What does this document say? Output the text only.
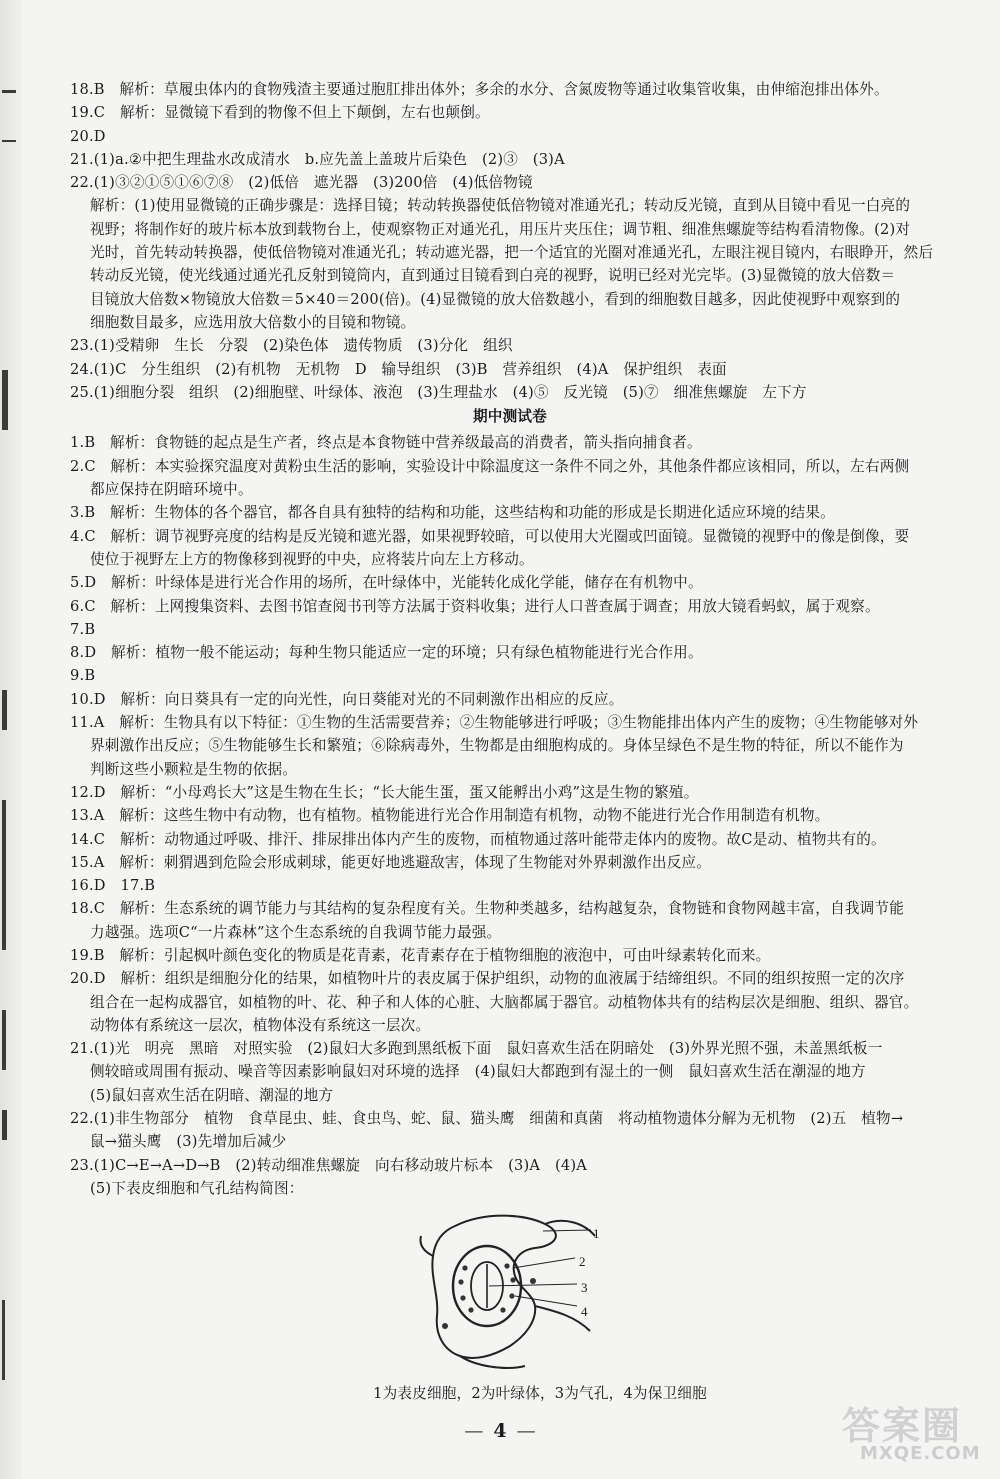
18.B　解析：草履虫体内的食物残渣主要通过胞肛排出体外；多余的水分、含氮废物等通过收集管收集，由伸缩泡排出体外。
19.C　解析：显微镜下看到的物像不但上下颠倒，左右也颠倒。
20.D
21.(1)a.②中把生理盐水改成清水　b.应先盖上盖玻片后染色　(2)③　(3)A
22.(1)③②①⑤①⑥⑦⑧　(2)低倍　遮光器　(3)200倍　(4)低倍物镜
解析：(1)使用显微镜的正确步骤是：选择目镜；转动转换器使低倍物镜对准通光孔；转动反光镜，直到从目镜中看见一白亮的
视野；将制作好的玻片标本放到载物台上，使观察物正对通光孔，用压片夹压住；调节粗、细准焦螺旋等结构看清物像。(2)对
光时，首先转动转换器，使低倍物镜对准通光孔；转动遮光器，把一个适宜的光圈对准通光孔，左眼注视目镜内，右眼睁开，然后
转动反光镜，使光线通过通光孔反射到镜筒内，直到通过目镜看到白亮的视野，说明已经对光完毕。(3)显微镜的放大倍数＝
目镜放大倍数×物镜放大倍数＝5×40＝200(倍)。(4)显微镜的放大倍数越小，看到的细胞数目越多，因此使视野中观察到的
细胞数目最多，应选用放大倍数小的目镜和物镜。
23.(1)受精卵　生长　分裂　(2)染色体　遗传物质　(3)分化　组织
24.(1)C　分生组织　(2)有机物　无机物　D　输导组织　(3)B　营养组织　(4)A　保护组织　表面
25.(1)细胞分裂　组织　(2)细胞壁、叶绿体、液泡　(3)生理盐水　(4)⑤　反光镜　(5)⑦　细准焦螺旋　左下方
期中测试卷
1.B　解析：食物链的起点是生产者，终点是本食物链中营养级最高的消费者，箭头指向捕食者。
2.C　解析：本实验探究温度对黄粉虫生活的影响，实验设计中除温度这一条件不同之外，其他条件都应该相同，所以，左右两侧
都应保持在阴暗环境中。
3.B　解析：生物体的各个器官，都各自具有独特的结构和功能，这些结构和功能的形成是长期进化适应环境的结果。
4.C　解析：调节视野亮度的结构是反光镜和遮光器，如果视野较暗，可以使用大光圈或凹面镜。显微镜的视野中的像是倒像，要
使位于视野左上方的物像移到视野的中央，应将装片向左上方移动。
5.D　解析：叶绿体是进行光合作用的场所，在叶绿体中，光能转化成化学能，储存在有机物中。
6.C　解析：上网搜集资料、去图书馆查阅书刊等方法属于资料收集；进行人口普查属于调查；用放大镜看蚂蚁，属于观察。
7.B
8.D　解析：植物一般不能运动；每种生物只能适应一定的环境；只有绿色植物能进行光合作用。
9.B
10.D　解析：向日葵具有一定的向光性，向日葵能对光的不同刺激作出相应的反应。
11.A　解析：生物具有以下特征：①生物的生活需要营养；②生物能够进行呼吸；③生物能排出体内产生的废物；④生物能够对外
界刺激作出反应；⑤生物能够生长和繁殖；⑥除病毒外，生物都是由细胞构成的。身体呈绿色不是生物的特征，所以不能作为
判断这些小颗粒是生物的依据。
12.D　解析：“小母鸡长大”这是生物在生长；“长大能生蛋，蛋又能孵出小鸡”这是生物的繁殖。
13.A　解析：这些生物中有动物，也有植物。植物能进行光合作用制造有机物，动物不能进行光合作用制造有机物。
14.C　解析：动物通过呼吸、排汗、排尿排出体内产生的废物，而植物通过落叶能带走体内的废物。故C是动、植物共有的。
15.A　解析：刺猬遇到危险会形成刺球，能更好地逃避敌害，体现了生物能对外界刺激作出反应。
16.D　17.B
18.C　解析：生态系统的调节能力与其结构的复杂程度有关。生物种类越多，结构越复杂，食物链和食物网越丰富，自我调节能
力越强。选项C“一片森林”这个生态系统的自我调节能力最强。
19.B　解析：引起枫叶颜色变化的物质是花青素，花青素存在于植物细胞的液泡中，可由叶绿素转化而来。
20.D　解析：组织是细胞分化的结果，如植物叶片的表皮属于保护组织，动物的血液属于结缔组织。不同的组织按照一定的次序
组合在一起构成器官，如植物的叶、花、种子和人体的心脏、大脑都属于器官。动植物体共有的结构层次是细胞、组织、器官。
动物体有系统这一层次，植物体没有系统这一层次。
21.(1)光　明亮　黑暗　对照实验　(2)鼠妇大多跑到黑纸板下面　鼠妇喜欢生活在阴暗处　(3)外界光照不强，未盖黑纸板一
侧较暗或周围有振动、噪音等因素影响鼠妇对环境的选择　(4)鼠妇大都跑到有湿土的一侧　鼠妇喜欢生活在潮湿的地方
(5)鼠妇喜欢生活在阴暗、潮湿的地方
22.(1)非生物部分　植物　食草昆虫、蛙、食虫鸟、蛇、鼠、猫头鹰　细菌和真菌　将动植物遗体分解为无机物　(2)五　植物→
鼠→猫头鹰　(3)先增加后减少
23.(1)C→E→A→D→B　(2)转动细准焦螺旋　向右移动玻片标本　(3)A　(4)A
(5)下表皮细胞和气孔结构简图：
1
2
3
4
1为表皮细胞，2为叶绿体，3为气孔，4为保卫细胞
— 4 —	答案圈
MXQE.COM
